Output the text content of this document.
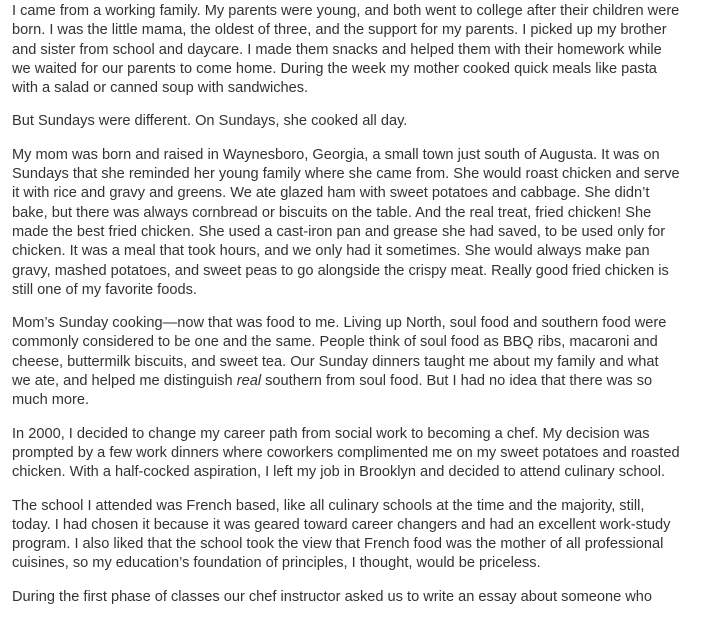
I came from a working family. My parents were young, and both went to college after their children were born. I was the little mama, the oldest of three, and the support for my parents. I picked up my brother and sister from school and daycare. I made them snacks and helped them with their homework while we waited for our parents to come home. During the week my mother cooked quick meals like pasta with a salad or canned soup with sandwiches.

But Sundays were different. On Sundays, she cooked all day.

My mom was born and raised in Waynesboro, Georgia, a small town just south of Augusta. It was on Sundays that she reminded her young family where she came from. She would roast chicken and serve it with rice and gravy and greens. We ate glazed ham with sweet potatoes and cabbage. She didn’t bake, but there was always cornbread or biscuits on the table. And the real treat, fried chicken! She made the best fried chicken. She used a cast-iron pan and grease she had saved, to be used only for chicken. It was a meal that took hours, and we only had it sometimes. She would always make pan gravy, mashed potatoes, and sweet peas to go alongside the crispy meat. Really good fried chicken is still one of my favorite foods.

Mom’s Sunday cooking—now that was food to me. Living up North, soul food and southern food were commonly considered to be one and the same. People think of soul food as BBQ ribs, macaroni and cheese, buttermilk biscuits, and sweet tea. Our Sunday dinners taught me about my family and what we ate, and helped me distinguish real southern from soul food. But I had no idea that there was so much more.

In 2000, I decided to change my career path from social work to becoming a chef. My decision was prompted by a few work dinners where coworkers complimented me on my sweet potatoes and roasted chicken. With a half-cocked aspiration, I left my job in Brooklyn and decided to attend culinary school.

The school I attended was French based, like all culinary schools at the time and the majority, still, today. I had chosen it because it was geared toward career changers and had an excellent work-study program. I also liked that the school took the view that French food was the mother of all professional cuisines, so my education’s foundation of principles, I thought, would be priceless.

During the first phase of classes our chef instructor asked us to write an essay about someone who
